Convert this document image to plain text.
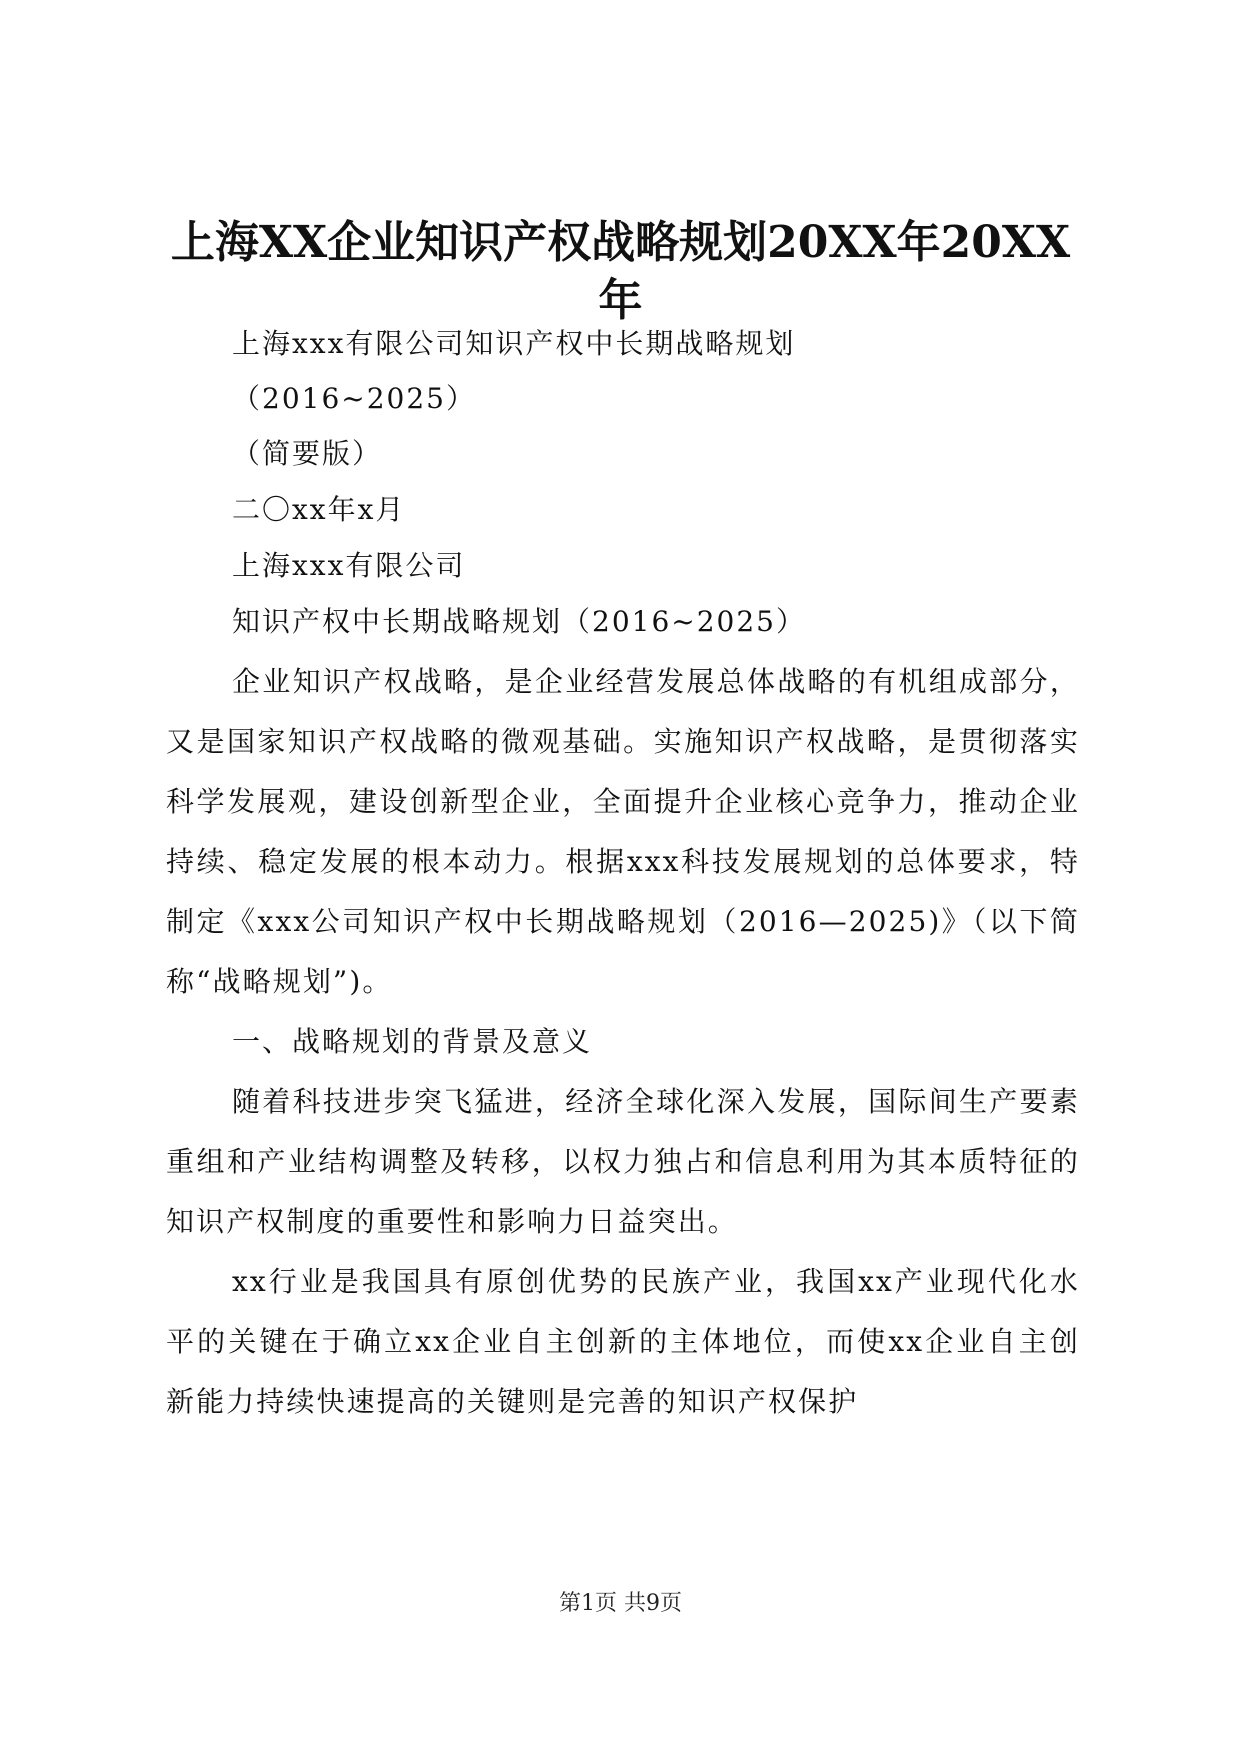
上海XX企业知识产权战略规划20XX年20XX年

上海xxx有限公司知识产权中长期战略规划

（2016~2025）

（简要版）

二〇xx年x月

上海xxx有限公司

知识产权中长期战略规划（2016~2025）

企业知识产权战略，是企业经营发展总体战略的有机组成部分，又是国家知识产权战略的微观基础。实施知识产权战略，是贯彻落实科学发展观，建设创新型企业，全面提升企业核心竞争力，推动企业持续、稳定发展的根本动力。根据xxx科技发展规划的总体要求，特制定《xxx公司知识产权中长期战略规划（2016—2025)》（以下简称“战略规划”)。

一、战略规划的背景及意义

随着科技进步突飞猛进，经济全球化深入发展，国际间生产要素重组和产业结构调整及转移，以权力独占和信息利用为其本质特征的知识产权制度的重要性和影响力日益突出。

xx行业是我国具有原创优势的民族产业，我国xx产业现代化水平的关键在于确立xx企业自主创新的主体地位，而使xx企业自主创新能力持续快速提高的关键则是完善的知识产权保护

第1页 共9页
